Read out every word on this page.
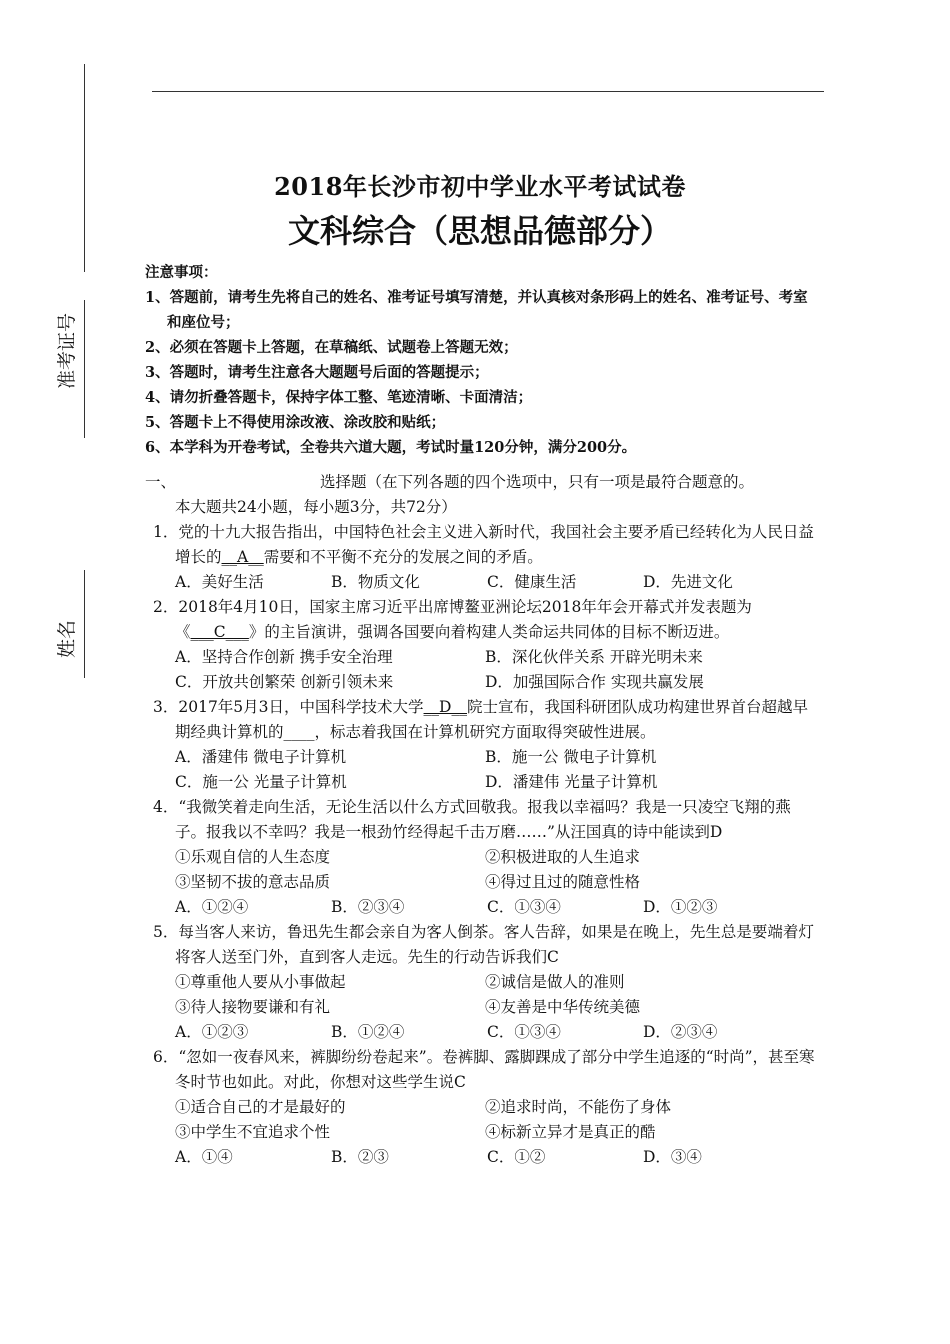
准考证号
姓名
2018年长沙市初中学业水平考试试卷
文科综合（思想品德部分）

注意事项：

1、答题前，请考生先将自己的姓名、准考证号填写清楚，并认真核对条形码上的姓名、准考证号、考室和座位号；

2、必须在答题卡上答题，在草稿纸、试题卷上答题无效；

3、答题时，请考生注意各大题题号后面的答题提示；

4、请勿折叠答题卡，保持字体工整、笔迹清晰、卡面清洁；

5、答题卡上不得使用涂改液、涂改胶和贴纸；

6、本学科为开卷考试，全卷共六道大题，考试时量120分钟，满分200分。

一、	选择题（在下列各题的四个选项中，只有一项是最符合题意的。
本大题共24小题，每小题3分，共72分）

1．党的十九大报告指出，中国特色社会主义进入新时代，我国社会主要矛盾已经转化为人民日益增长的__A__需要和不平衡不充分的发展之间的矛盾。

A．美好生活	B．物质文化	C．健康生活	D．先进文化

2．2018年4月10日，国家主席习近平出席博鳌亚洲论坛2018年年会开幕式并发表题为《___C___》的主旨演讲，强调各国要向着构建人类命运共同体的目标不断迈进。

A．坚持合作创新 携手安全治理	B．深化伙伴关系 开辟光明未来
C．开放共创繁荣 创新引领未来	D．加强国际合作 实现共赢发展

3．2017年5月3日，中国科学技术大学__D__院士宣布，我国科研团队成功构建世界首台超越早期经典计算机的____，标志着我国在计算机研究方面取得突破性进展。

A．潘建伟 微电子计算机	B．施一公 微电子计算机
C．施一公 光量子计算机	D．潘建伟 光量子计算机

4．“我微笑着走向生活，无论生活以什么方式回敬我。报我以幸福吗？我是一只凌空飞翔的燕子。报我以不幸吗？我是一根劲竹经得起千击万磨……”从汪国真的诗中能读到D

①乐观自信的人生态度	②积极进取的人生追求
③坚韧不拔的意志品质	④得过且过的随意性格
A．①②④	B．②③④	C．①③④	D．①②③

5．每当客人来访，鲁迅先生都会亲自为客人倒茶。客人告辞，如果是在晚上，先生总是要端着灯将客人送至门外，直到客人走远。先生的行动告诉我们C

①尊重他人要从小事做起	②诚信是做人的准则
③待人接物要谦和有礼	④友善是中华传统美德
A．①②③	B．①②④	C．①③④	D．②③④

6．“忽如一夜春风来，裤脚纷纷卷起来”。卷裤脚、露脚踝成了部分中学生追逐的“时尚”，甚至寒冬时节也如此。对此，你想对这些学生说C

①适合自己的才是最好的	②追求时尚，不能伤了身体
③中学生不宜追求个性	④标新立异才是真正的酷
A．①④	B．②③	C．①②	D．③④
